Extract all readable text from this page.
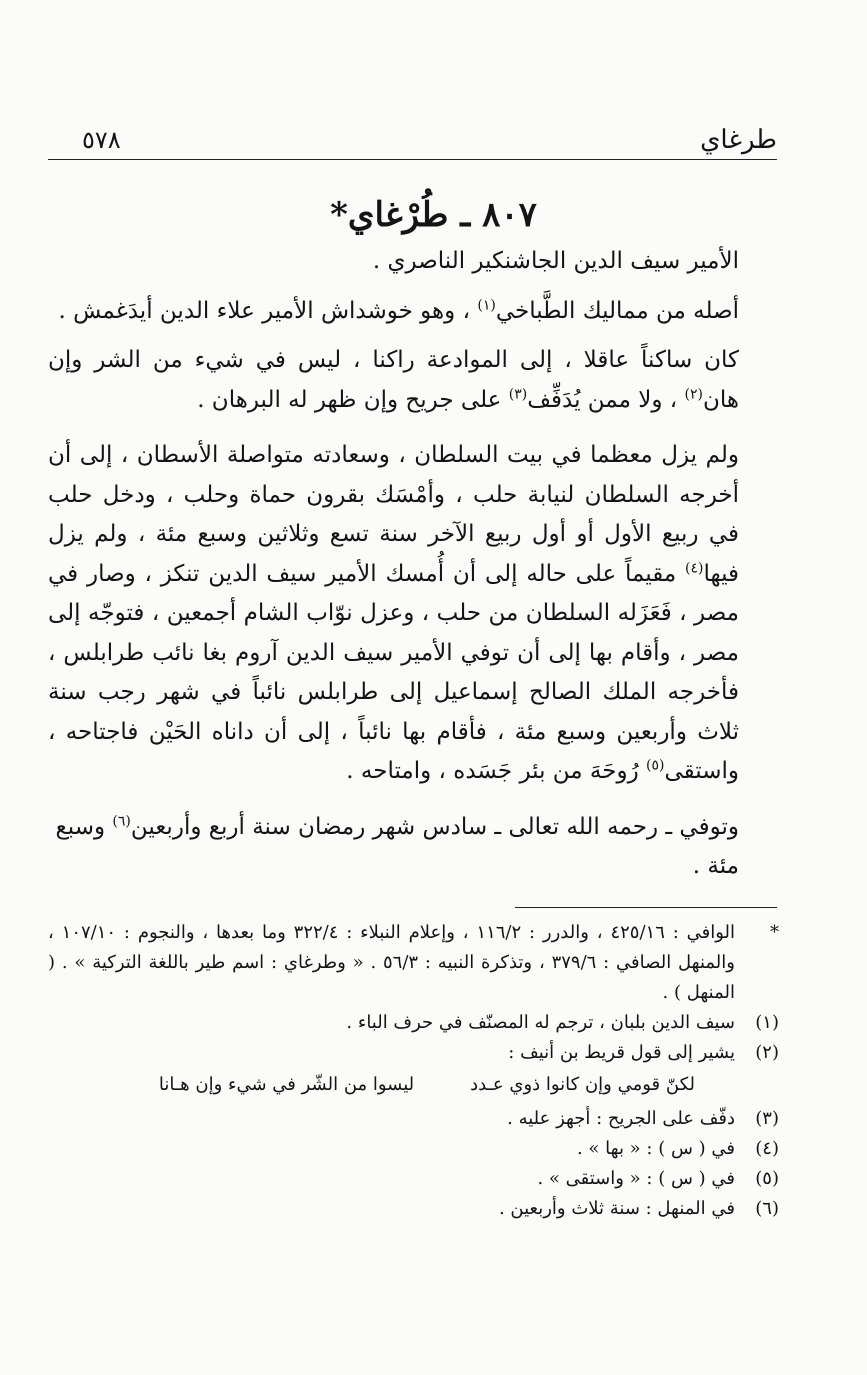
طرغاي
٥٧٨
٨٠٧ ـ طُرْغاي*

الأمير سيف الدين الجاشنكير الناصري .

أصله من مماليك الطَّباخي$^{(١)}$ ، وهو خوشداش الأمير علاء الدين أيدَغمش .

كان ساكناً عاقلا ، إلى الموادعة راكنا ، ليس في شيء من الشر وإن هان$^{(٢)}$ ، ولا ممن يُدَفِّف$^{(٣)}$ على جريح وإن ظهر له البرهان .

ولم يزل معظما في بيت السلطان ، وسعادته متواصلة الأسطان ، إلى أن أخرجه السلطان لنيابة حلب ، وأمْسَك بقرون حماة وحلب ، ودخل حلب في ربيع الأول أو أول ربيع الآخر سنة تسع وثلاثين وسبع مئة ، ولم يزل فيها$^{(٤)}$ مقيماً على حاله إلى أن أُمسك الأمير سيف الدين تنكز ، وصار في مصر ، فَعَزَله السلطان من حلب ، وعزل نوّاب الشام أجمعين ، فتوجّه إلى مصر ، وأقام بها إلى أن توفي الأمير سيف الدين آروم بغا نائب طرابلس ، فأخرجه الملك الصالح إسماعيل إلى طرابلس نائباً في شهر رجب سنة ثلاث وأربعين وسبع مئة ، فأقام بها نائباً ، إلى أن داناه الحَيْن فاجتاحه ، واستقى$^{(٥)}$ رُوحَهَ من بئر جَسَده ، وامتاحه .

وتوفي ـ رحمه الله تعالى ـ سادس شهر رمضان سنة أربع وأربعين$^{(٦)}$ وسبع مئة .

*
الوافي : ٤٢٥/١٦ ، والدرر : ١١٦/٢ ، وإعلام النبلاء : ٣٢٢/٤ وما بعدها ، والنجوم : ١٠٧/١٠ ، والمنهل الصافي : ٣٧٩/٦ ، وتذكرة النبيه : ٥٦/٣ . « وطرغاي : اسم طير باللغة التركية » . ( المنهل ) .

(١)
سيف الدين بلبان ، ترجم له المصنّف في حرف الباء .

(٢)
يشير إلى قول قريط بن أنيف :

لكنّ قومي وإن كانوا ذوي عـدد
ليسوا من الشّر في شيء وإن هـانا

(٣)
دفّف على الجريح : أجهز عليه .

(٤)
في ( س ) : « بها » .

(٥)
في ( س ) : « واستقى » .

(٦)
في المنهل : سنة ثلاث وأربعين .
